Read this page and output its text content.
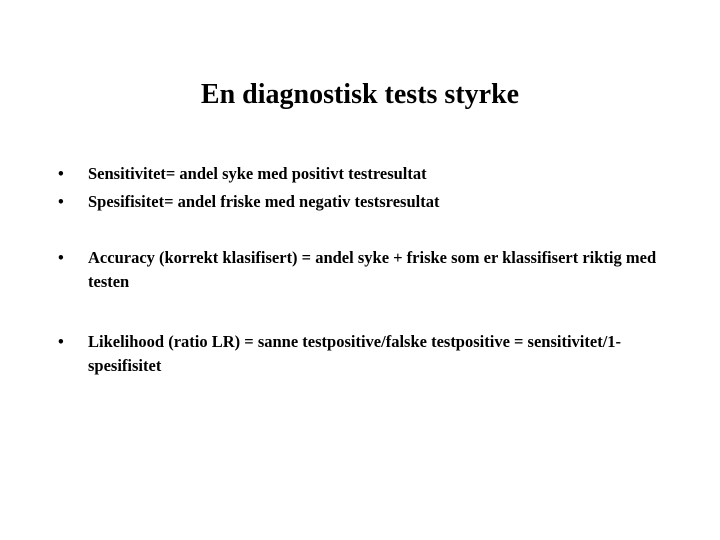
En diagnostisk tests styrke
•	Sensitivitet= andel syke med positivt testresultat
•	Spesifisitet= andel friske med negativ testsresultat
•	Accuracy (korrekt klasifisert) = andel syke + friske som er klassifisert riktig med testen
•	Likelihood (ratio LR) = sanne testpositive/falske testpositive = sensitivitet/1-spesifisitet
